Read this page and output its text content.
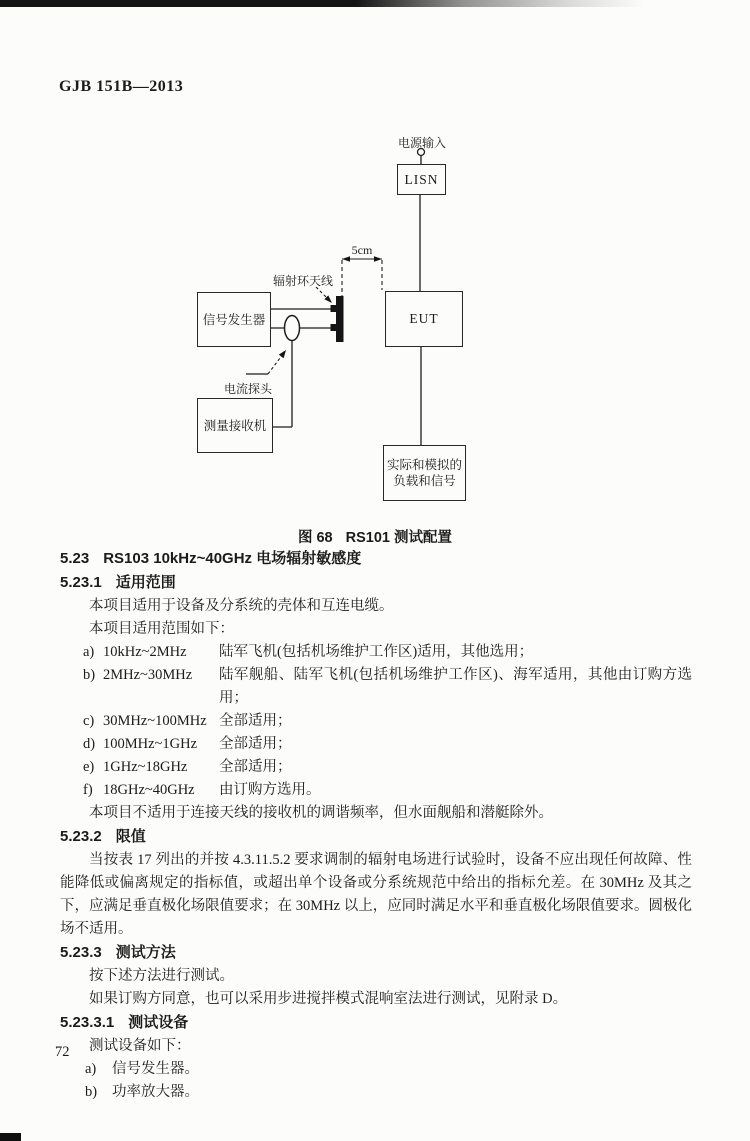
GJB 151B—2013
电源输入
LISN
5cm
辐射环天线
信号发生器	EUT
电流探头
测量接收机
实际和模拟的
负载和信号
图 68 RS101 测试配置
5.23 RS103 10kHz~40GHz 电场辐射敏感度
5.23.1 适用范围
本项目适用于设备及分系统的壳体和互连电缆。
本项目适用范围如下：
a) 10kHz~2MHz	陆军飞机(包括机场维护工作区)适用，其他选用；
b) 2MHz~30MHz	陆军舰船、陆军飞机(包括机场维护工作区)、海军适用，其他由订购方选用；
c) 30MHz~100MHz 全部适用；
d) 100MHz~1GHz	全部适用；
e) 1GHz~18GHz	全部适用；
f) 18GHz~40GHz	由订购方选用。
本项目不适用于连接天线的接收机的调谐频率，但水面舰船和潜艇除外。
5.23.2 限值
当按表 17 列出的并按 4.3.11.5.2 要求调制的辐射电场进行试验时，设备不应出现任何故障、性能降低或偏离规定的指标值，或超出单个设备或分系统规范中给出的指标允差。在 30MHz 及其之下，应满足垂直极化场限值要求；在 30MHz 以上，应同时满足水平和垂直极化场限值要求。圆极化场不适用。
5.23.3 测试方法
按下述方法进行测试。
如果订购方同意，也可以采用步进搅拌模式混响室法进行测试，见附录 D。
5.23.3.1 测试设备
测试设备如下：
a)	信号发生器。
b)	功率放大器。
72
